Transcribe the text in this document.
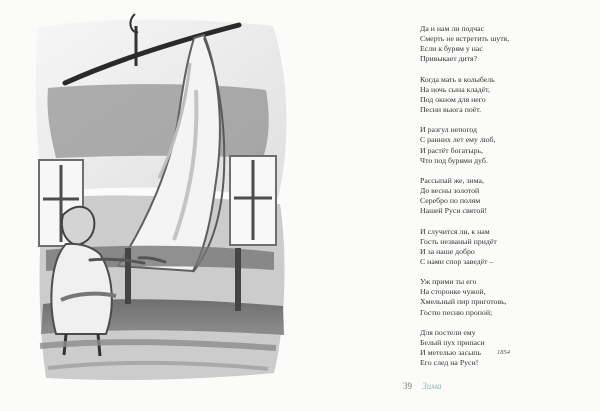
Да и нам ли подчас
Смерть не встретить шутя,
Если к бурям у нас
Привыкает дитя?
Когда мать в колыбель
На ночь сына кладёт,
Под окном для него
Песни вьюга поёт.
И разгул непогод
С ранних лет ему люб,
И растёт богатырь,
Что под бурями дуб.
Рассыпай же, зима,
До весны золотой
Серебро по полям
Нашей Руси святой!
И случится ли, к нам
Гость незваный придёт
И за наше добро
С нами спор заведёт –
Уж прими ты его
На сторонке чужой,
Хмельный пир приготовь,
Гостю песню пропой;
Для постели ему
Белый пух припаси
И метелью засыпь
Его след на Руси!
1854
39 Зима
